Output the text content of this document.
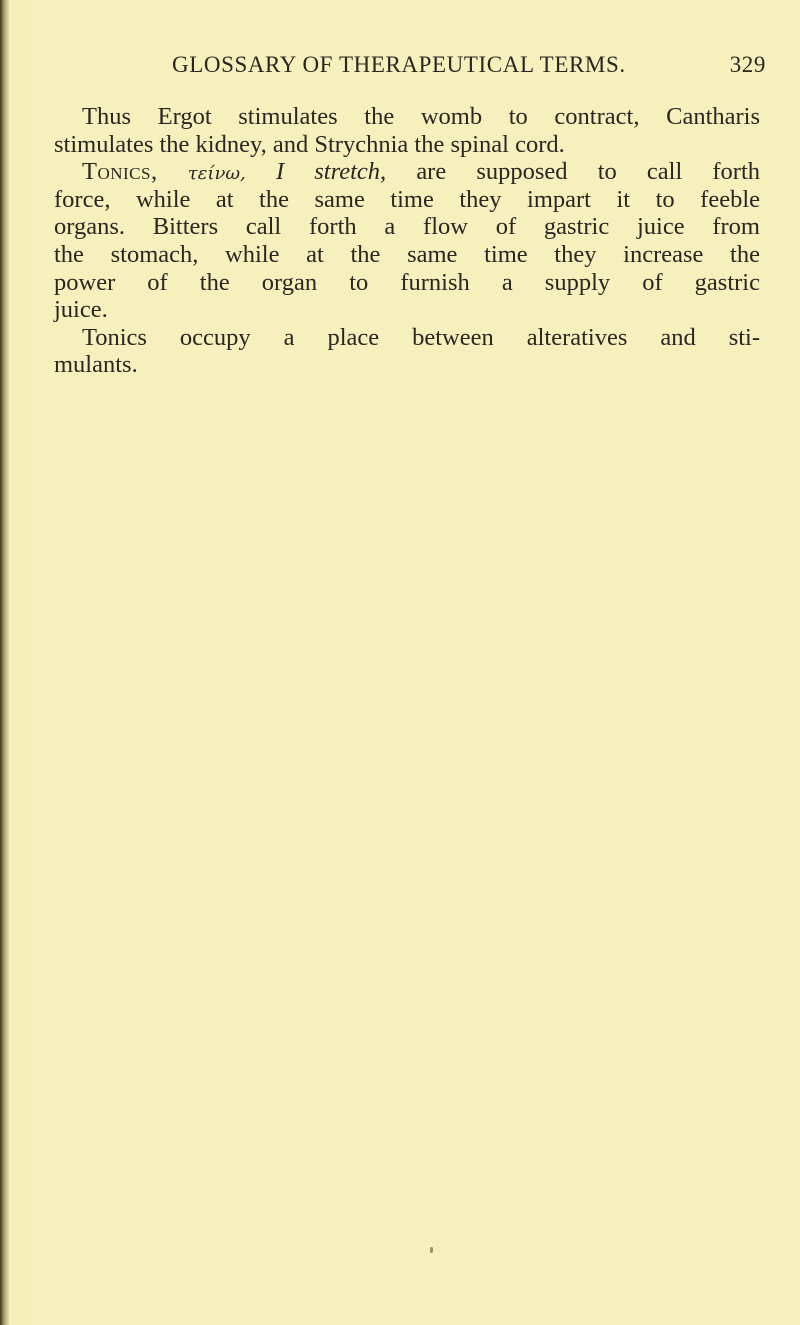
GLOSSARY OF THERAPEUTICAL TERMS.	329
Thus Ergot stimulates the womb to contract, Cantharis
stimulates the kidney, and Strychnia the spinal cord.
Tonics, τείνω, I stretch, are supposed to call forth
force, while at the same time they impart it to feeble
organs. Bitters call forth a flow of gastric juice from
the stomach, while at the same time they increase the
power of the organ to furnish a supply of gastric
juice.
Tonics occupy a place between alteratives and sti-
mulants.
